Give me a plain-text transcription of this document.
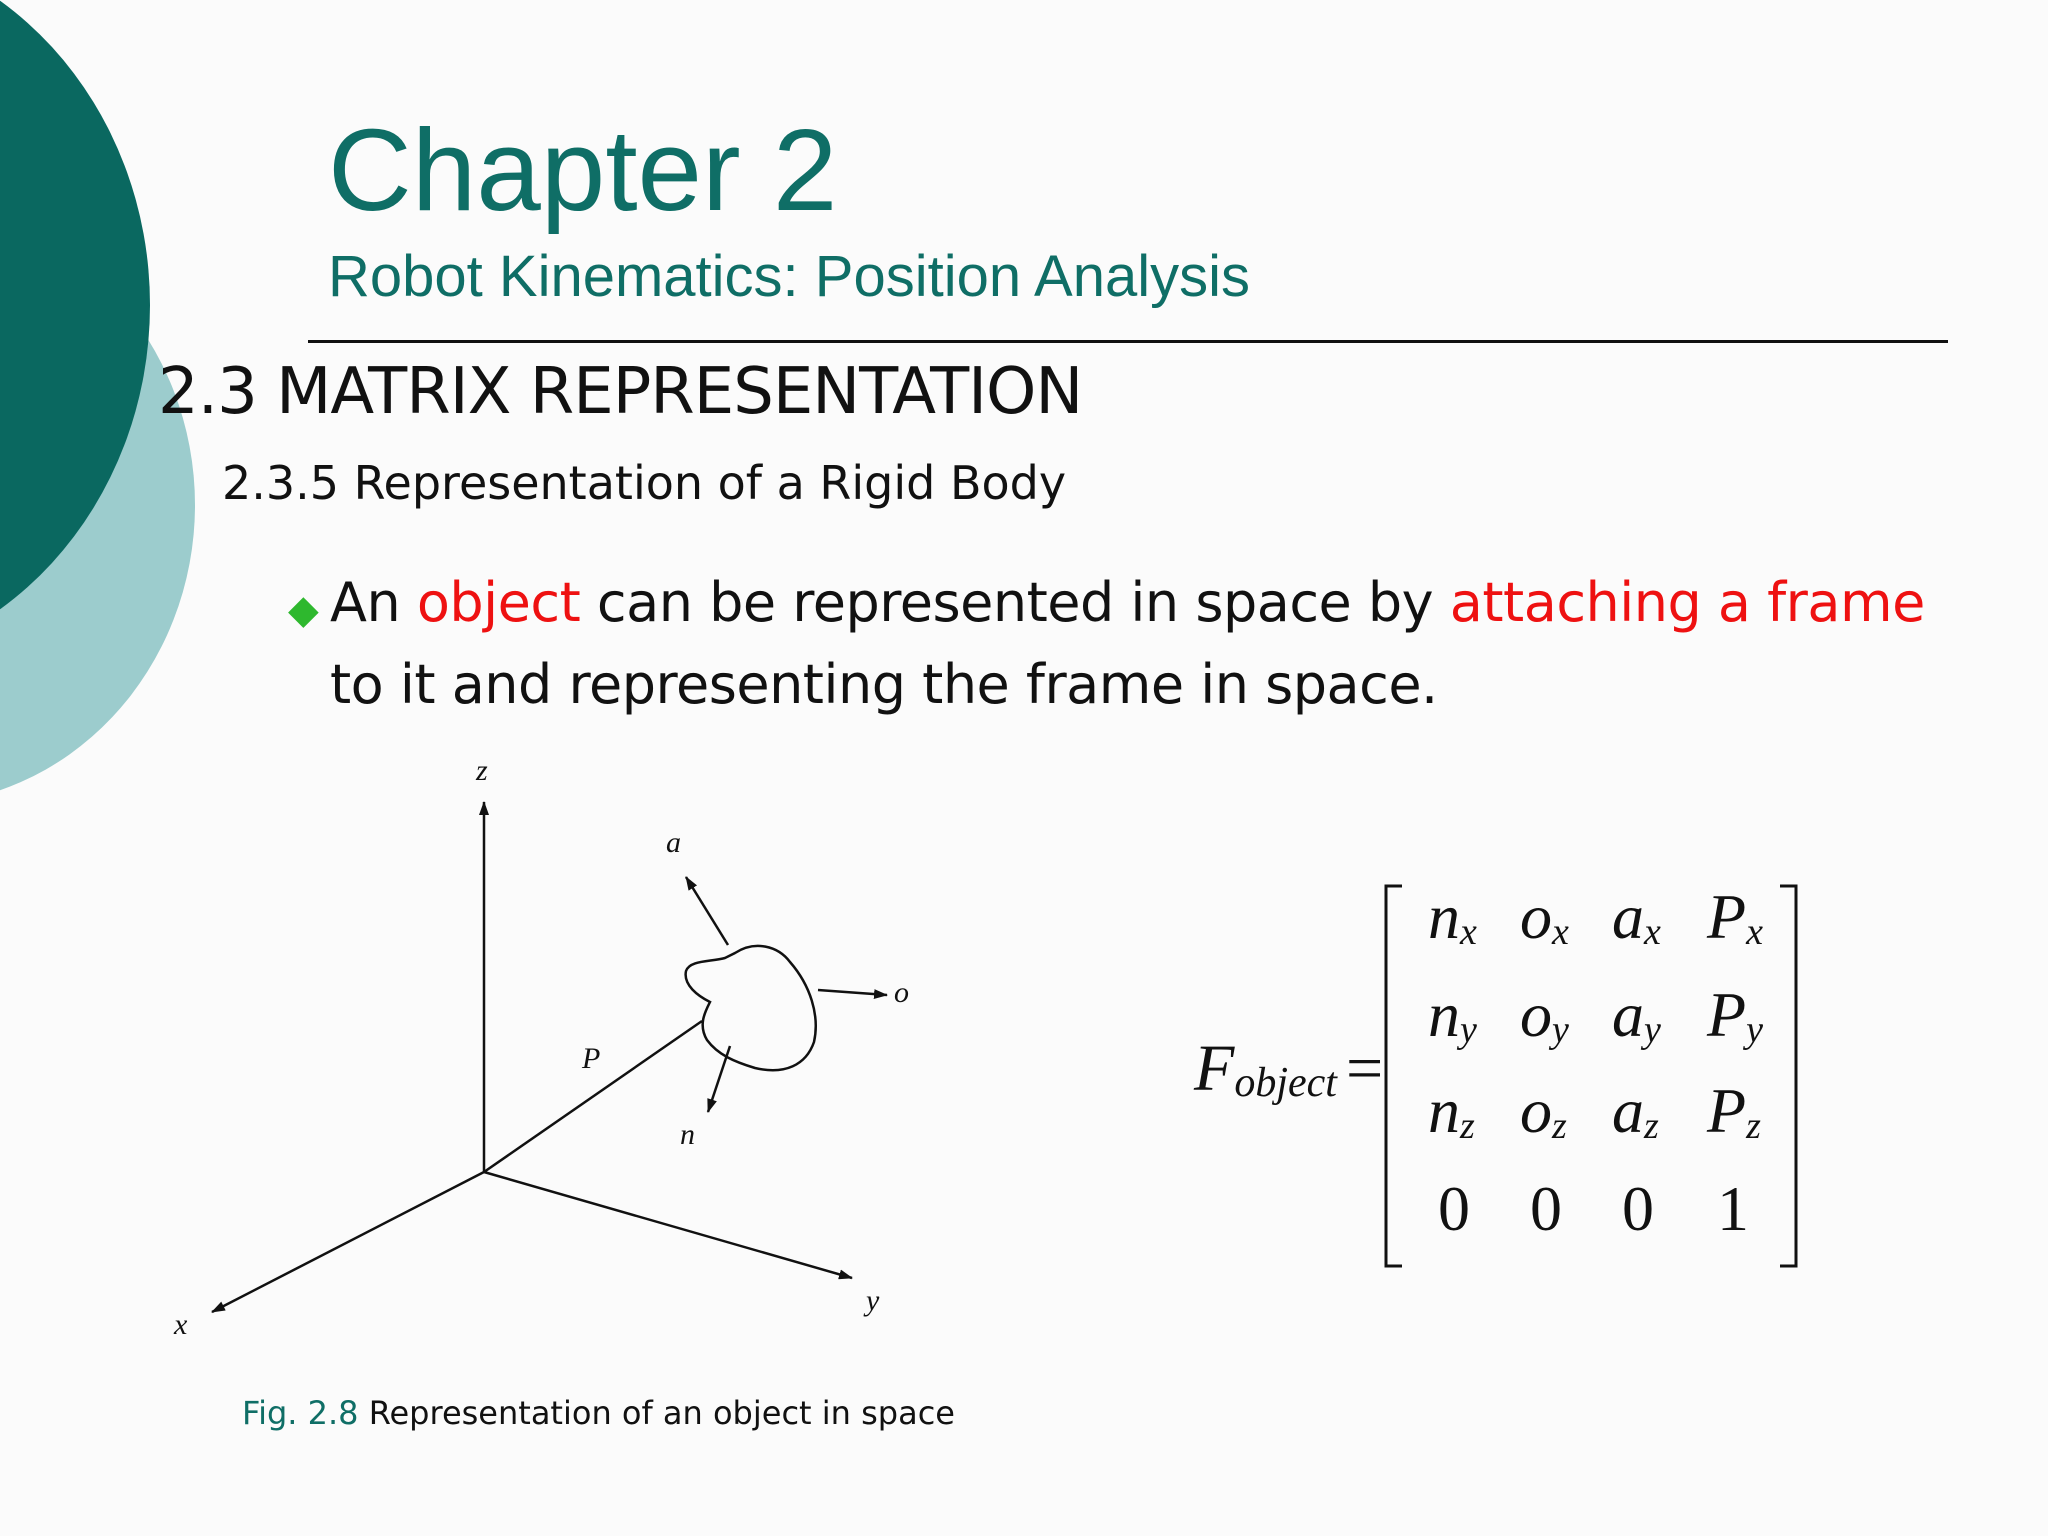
Chapter 2
Robot Kinematics: Position Analysis
2.3 MATRIX REPRESENTATION
2.3.5 Representation of a Rigid Body
◆ An object can be represented in space by attaching a frame
to it and representing the frame in space.
z
x
y
a
o
n
P
Fig. 2.8 Representation of an object in space
Fobject =
nx ox ax Px
ny oy ay Py
nz oz az Pz
0 0 0 1
